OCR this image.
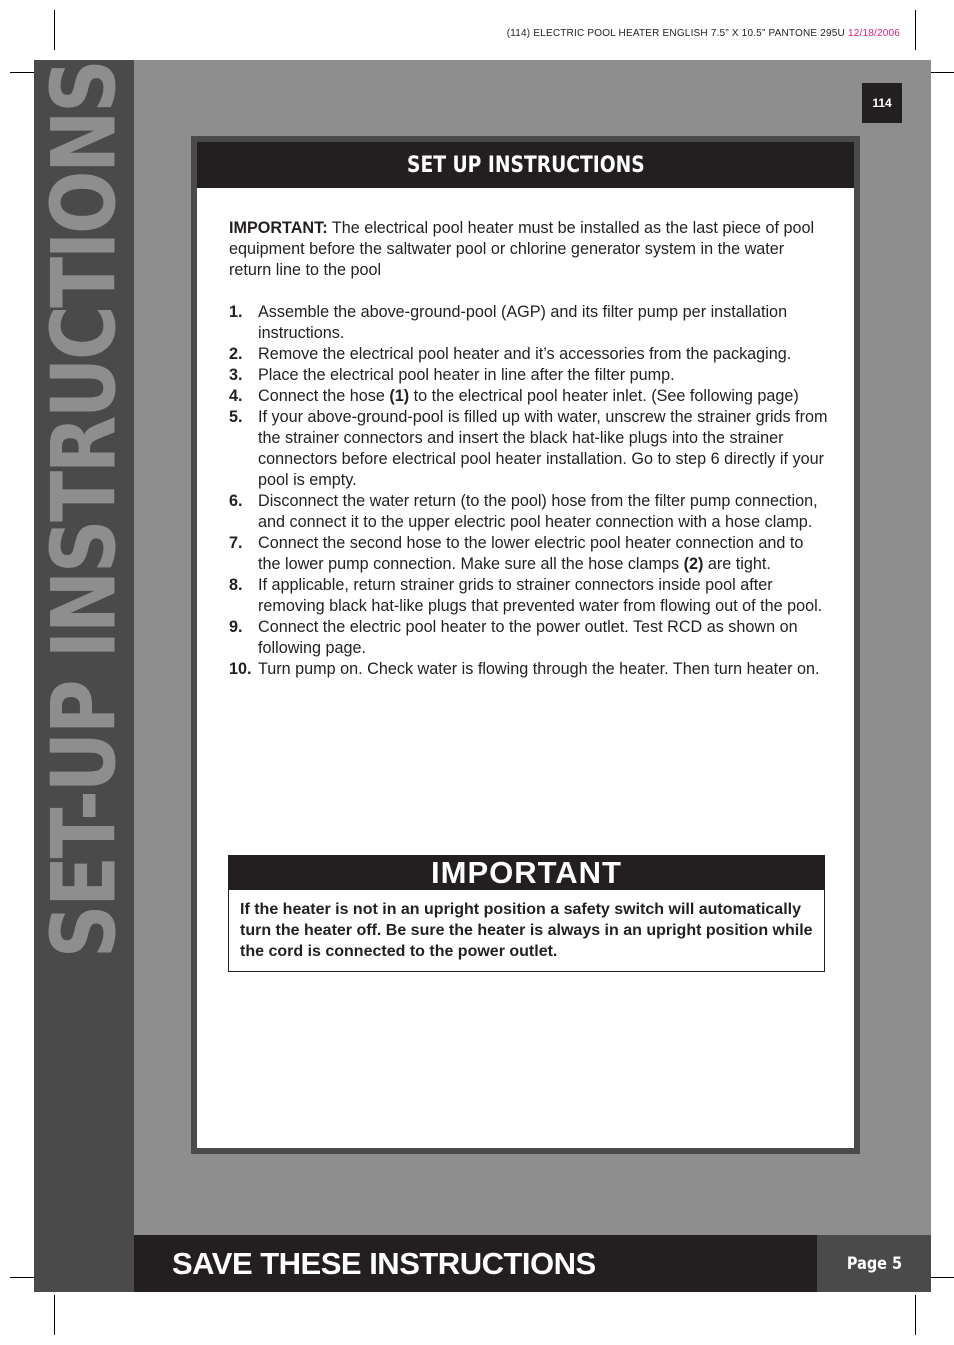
(114) ELECTRIC POOL HEATER ENGLISH 7.5” X 10.5” PANTONE 295U 12/18/2006
SET-UP INSTRUCTIONS	114
SET UP INSTRUCTIONS

IMPORTANT: The electrical pool heater must be installed as the last piece of pool equipment before the saltwater pool or chlorine generator system in the water return line to the pool

1. Assemble the above-ground-pool (AGP) and its filter pump per installation instructions.
2. Remove the electrical pool heater and it’s accessories from the packaging.
3. Place the electrical pool heater in line after the filter pump.
4. Connect the hose (1) to the electrical pool heater inlet. (See following page)
5. If your above-ground-pool is filled up with water, unscrew the strainer grids from the strainer connectors and insert the black hat-like plugs into the strainer connectors before electrical pool heater installation. Go to step 6 directly if your pool is empty.
6. Disconnect the water return (to the pool) hose from the filter pump connection, and connect it to the upper electric pool heater connection with a hose clamp.
7. Connect the second hose to the lower electric pool heater connection and to the lower pump connection. Make sure all the hose clamps (2) are tight.
8. If applicable, return strainer grids to strainer connectors inside pool after removing black hat-like plugs that prevented water from flowing out of the pool.
9. Connect the electric pool heater to the power outlet. Test RCD as shown on following page.
10. Turn pump on. Check water is flowing through the heater. Then turn heater on.
IMPORTANT
If the heater is not in an upright position a safety switch will automatically turn the heater off. Be sure the heater is always in an upright position while the cord is connected to the power outlet.
SAVE THESE INSTRUCTIONS	Page 5
